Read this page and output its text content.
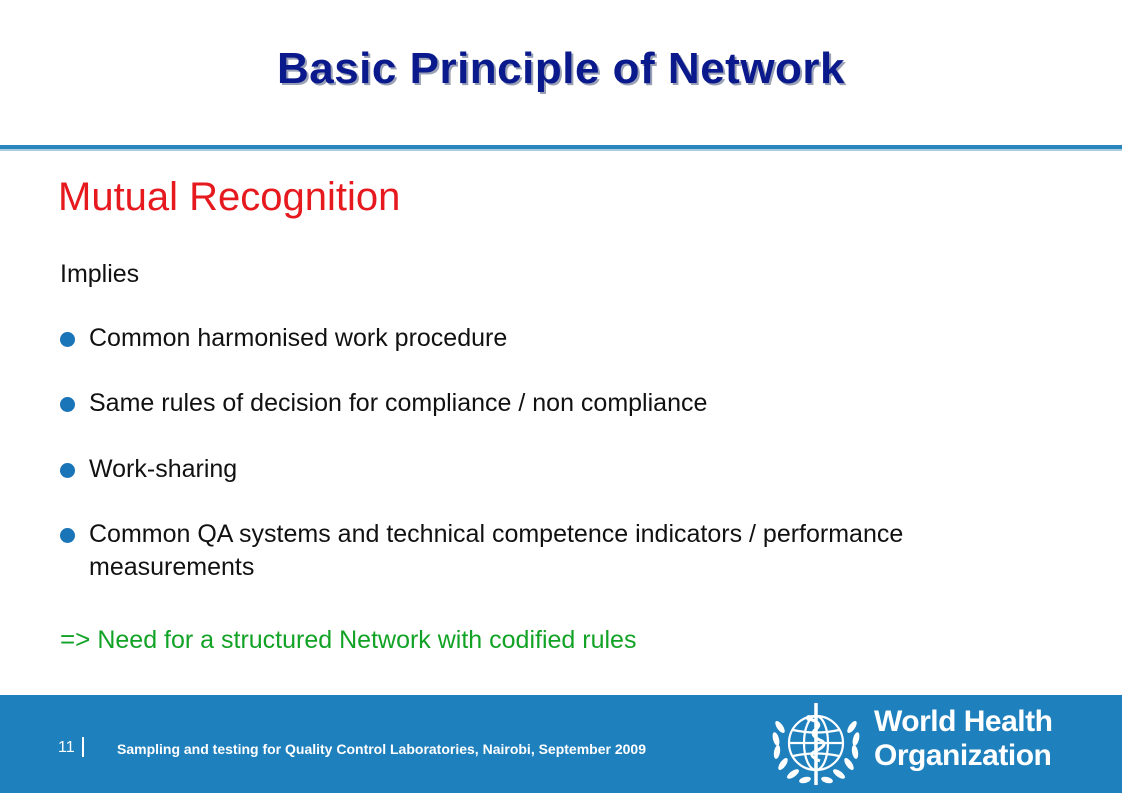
Basic Principle of Network
Mutual Recognition
Implies
Common harmonised work procedure
Same rules of decision for compliance / non compliance
Work-sharing
Common QA systems and technical competence indicators / performance measurements
=> Need for a structured Network with codified rules
11	Sampling and testing for Quality Control Laboratories, Nairobi, September 2009
World Health
Organization
